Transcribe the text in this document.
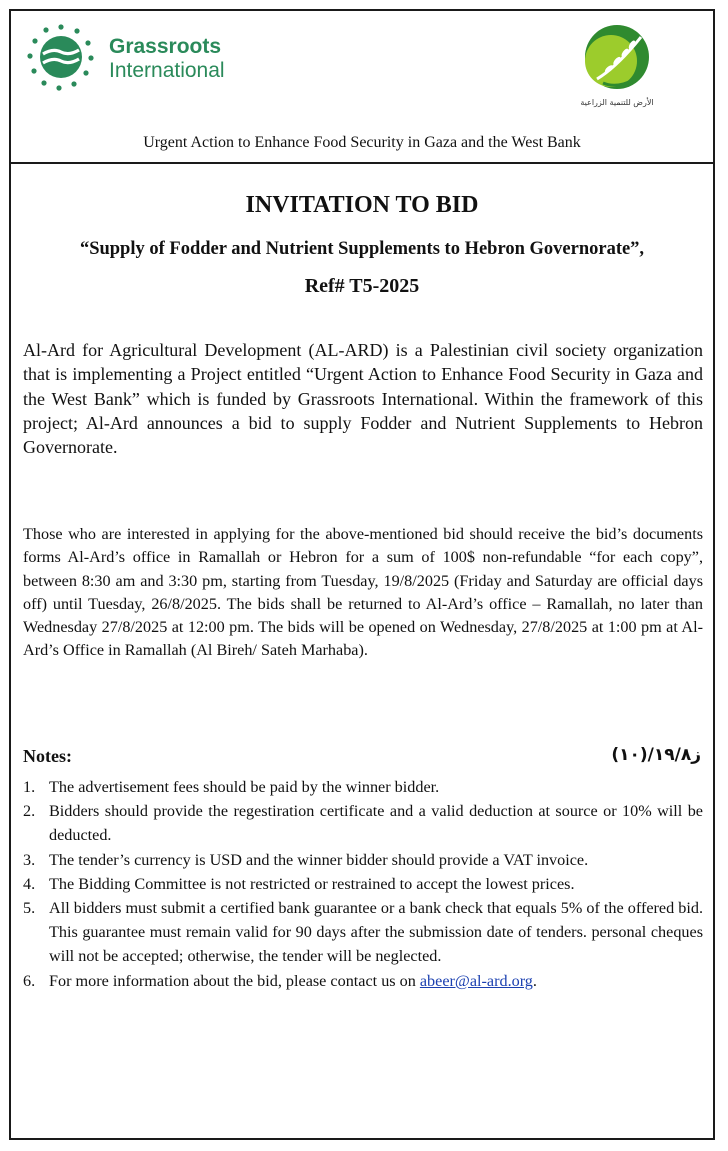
Grassroots
International
الأرض للتنمية الزراعية
Urgent Action to Enhance Food Security in Gaza and the West Bank
INVITATION TO BID
“Supply of Fodder and Nutrient Supplements to Hebron Governorate”,
Ref# T5-2025
Al-Ard for Agricultural Development (AL-ARD) is a Palestinian civil society organization that is implementing a Project entitled “Urgent Action to Enhance Food Security in Gaza and the West Bank” which is funded by Grassroots International. Within the framework of this project; Al-Ard announces a bid to supply Fodder and Nutrient Supplements to Hebron Governorate.
Those who are interested in applying for the above-mentioned bid should receive the bid’s documents forms Al-Ard’s office in Ramallah or Hebron for a sum of 100$ non-refundable “for each copy”, between 8:30 am and 3:30 pm, starting from Tuesday, 19/8/2025 (Friday and Saturday are official days off) until Tuesday, 26/8/2025. The bids shall be returned to Al-Ard’s office – Ramallah, no later than Wednesday 27/8/2025 at 12:00 pm. The bids will be opened on Wednesday, 27/8/2025 at 1:00 pm at Al-Ard’s Office in Ramallah (Al Bireh/ Sateh Marhaba).
Notes:	ز١٩/٨/(١٠)
1. The advertisement fees should be paid by the winner bidder.
2. Bidders should provide the regestiration certificate and a valid deduction at source or 10% will be deducted.
3. The tender’s currency is USD and the winner bidder should provide a VAT invoice.
4. The Bidding Committee is not restricted or restrained to accept the lowest prices.
5. All bidders must submit a certified bank guarantee or a bank check that equals 5% of the offered bid. This guarantee must remain valid for 90 days after the submission date of tenders. personal cheques will not be accepted; otherwise, the tender will be neglected.
6. For more information about the bid, please contact us on abeer@al-ard.org.
